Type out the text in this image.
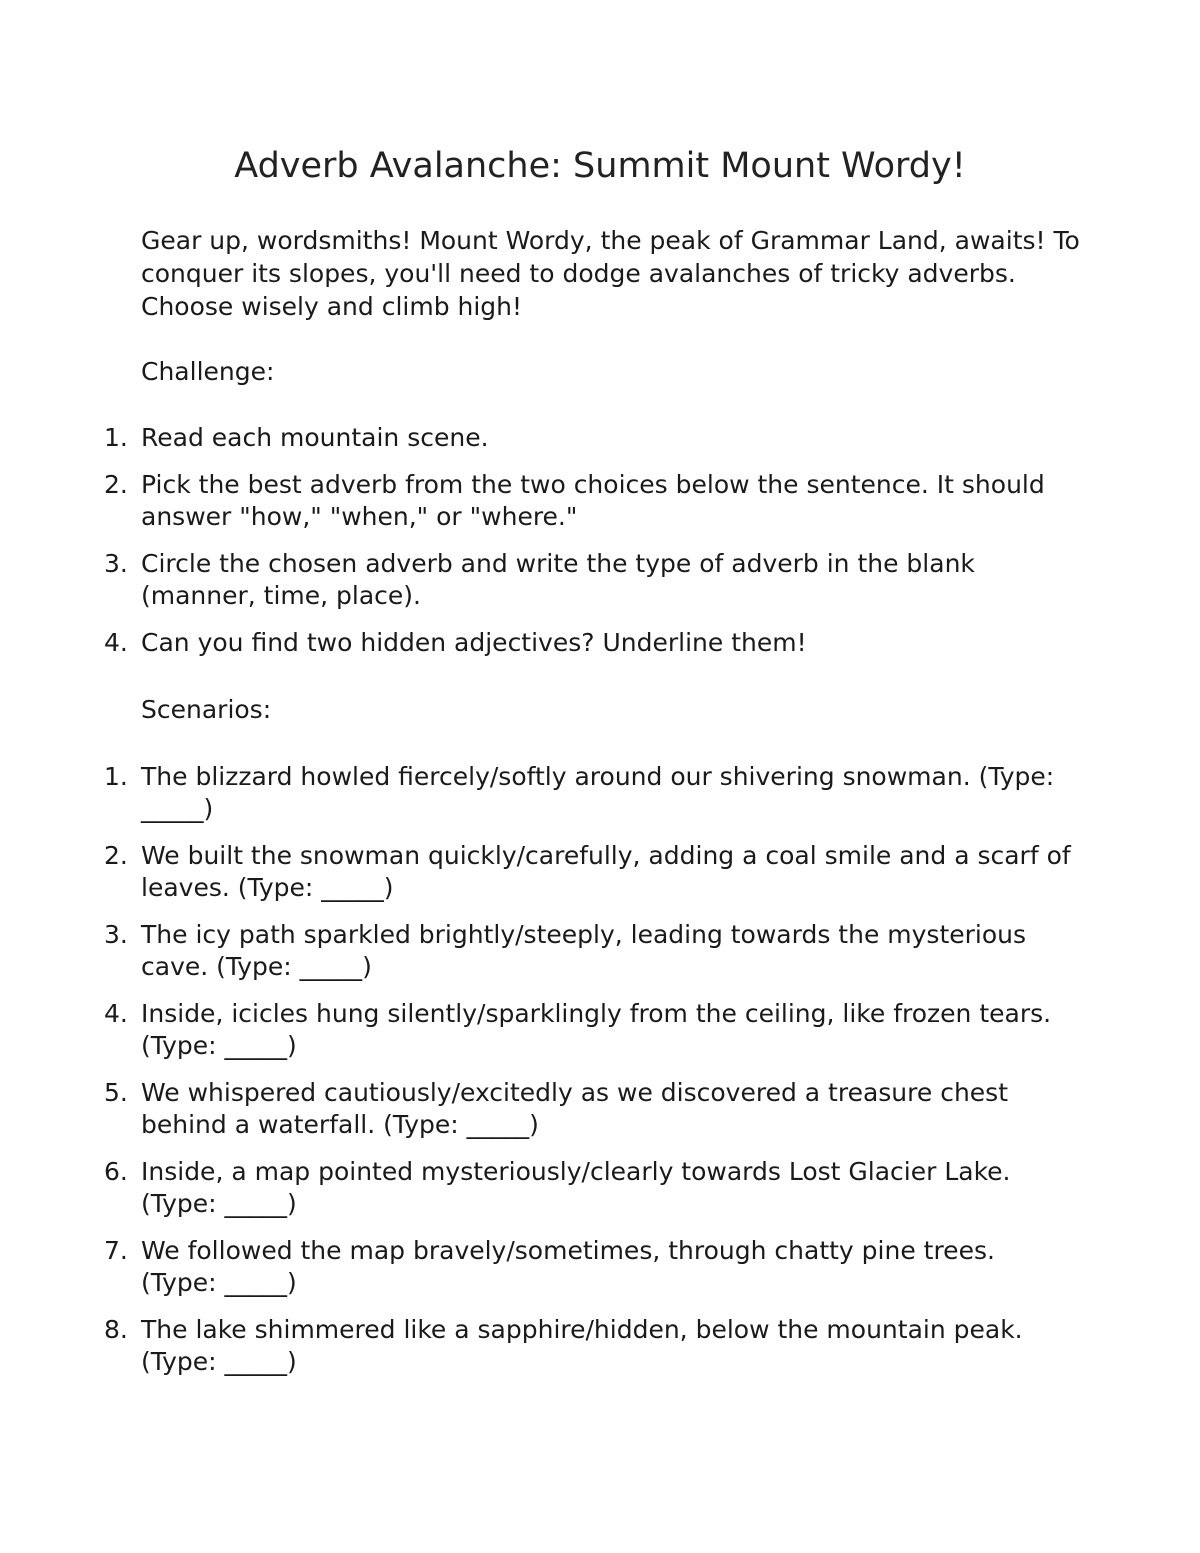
Adverb Avalanche: Summit Mount Wordy!

Gear up, wordsmiths! Mount Wordy, the peak of Grammar Land, awaits! To conquer its slopes, you'll need to dodge avalanches of tricky adverbs. Choose wisely and climb high!

Challenge:
1. Read each mountain scene.
2. Pick the best adverb from the two choices below the sentence. It should answer "how," "when," or "where."
3. Circle the chosen adverb and write the type of adverb in the blank (manner, time, place).
4. Can you find two hidden adjectives? Underline them!
Scenarios:
1. The blizzard howled fiercely/softly around our shivering snowman. (Type: _____)
2. We built the snowman quickly/carefully, adding a coal smile and a scarf of leaves. (Type: _____)
3. The icy path sparkled brightly/steeply, leading towards the mysterious cave. (Type: _____)
4. Inside, icicles hung silently/sparklingly from the ceiling, like frozen tears. (Type: _____)
5. We whispered cautiously/excitedly as we discovered a treasure chest behind a waterfall. (Type: _____)
6. Inside, a map pointed mysteriously/clearly towards Lost Glacier Lake. (Type: _____)
7. We followed the map bravely/sometimes, through chatty pine trees. (Type: _____)
8. The lake shimmered like a sapphire/hidden, below the mountain peak. (Type: _____)
